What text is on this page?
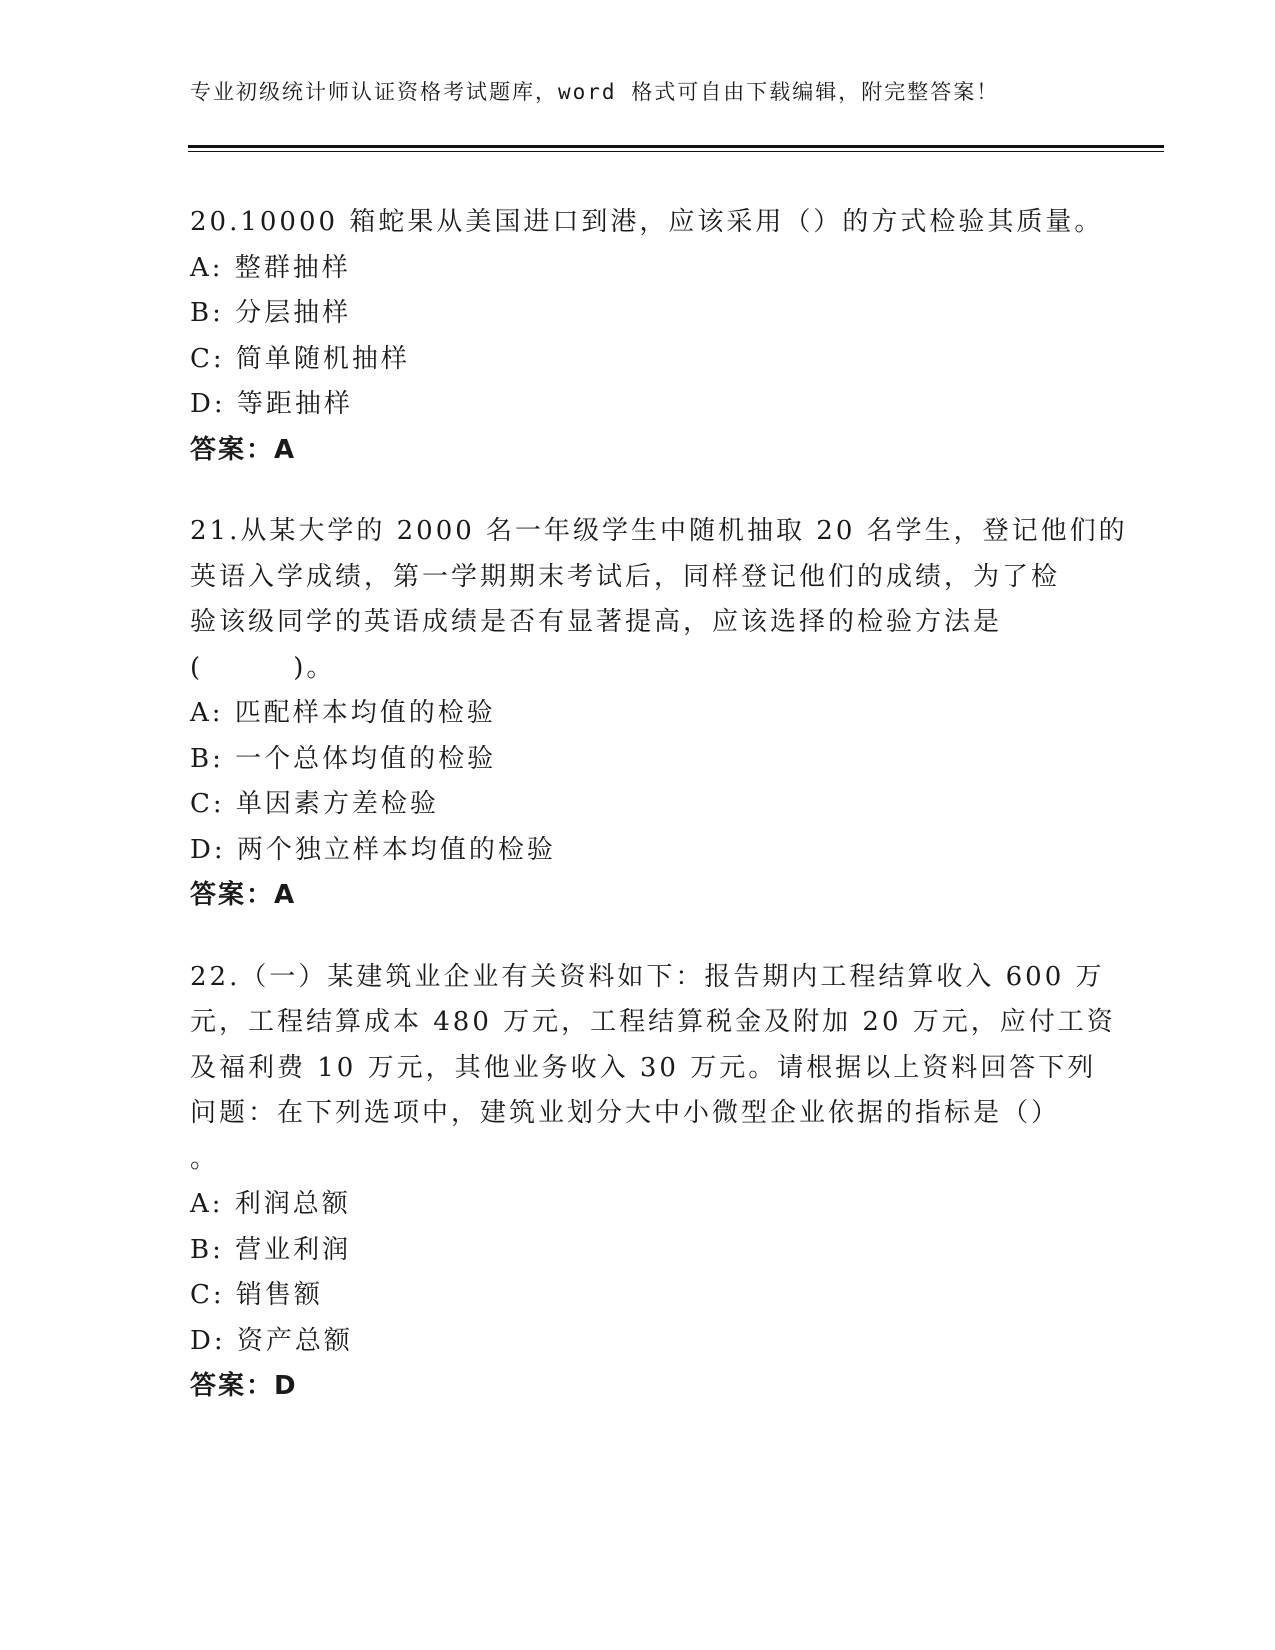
专业初级统计师认证资格考试题库，word 格式可自由下载编辑，附完整答案！
20.10000 箱蛇果从美国进口到港，应该采用（）的方式检验其质量。
A: 整群抽样
B: 分层抽样
C: 简单随机抽样
D: 等距抽样
答案：A
21.从某大学的 2000 名一年级学生中随机抽取 20 名学生，登记他们的
英语入学成绩，第一学期期末考试后，同样登记他们的成绩，为了检
验该级同学的英语成绩是否有显著提高，应该选择的检验方法是
(        )。
A: 匹配样本均值的检验
B: 一个总体均值的检验
C: 单因素方差检验
D: 两个独立样本均值的检验
答案：A
22.（一）某建筑业企业有关资料如下：报告期内工程结算收入 600 万
元，工程结算成本 480 万元，工程结算税金及附加 20 万元，应付工资
及福利费 10 万元，其他业务收入 30 万元。请根据以上资料回答下列
问题：在下列选项中，建筑业划分大中小微型企业依据的指标是（）
。
A: 利润总额
B: 营业利润
C: 销售额
D: 资产总额
答案：D
